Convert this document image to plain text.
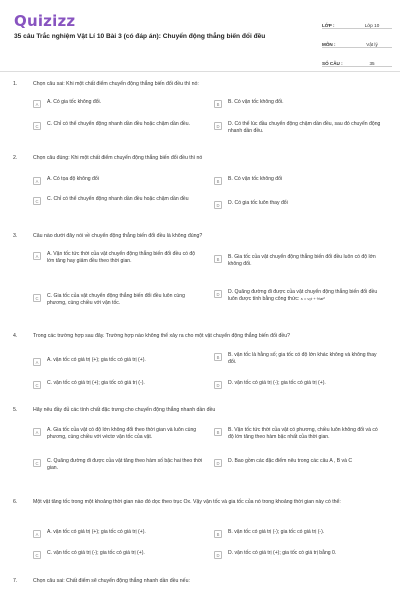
Quizizz
35 câu Trắc nghiệm Vật Lí 10 Bài 3 (có đáp án): Chuyển động thẳng biến đổi đều
LỚP :	Lớp 10
MÔN :	Vật lý
SỐ CÂU :	35
1.	Chọn câu sai: Khi một chất điểm chuyển động thẳng biến đổi đều thì nó:
A	A. Có gia tốc không đổi.	B	B. Có vận tốc không đổi.
C	C. Chỉ có thể chuyển động nhanh dần đều hoặc chậm dần đều.	D	D. Có thể lúc đầu chuyển động chậm dần đều, sau đó chuyển động nhanh dần đều.
2.	Chọn câu đúng: Khi một chất điểm chuyển động thẳng biến đổi đều thì nó
A	A. Có tọa độ không đổi	B	B. Có vận tốc không đổi
C	C. Chỉ có thể chuyển động nhanh dần đều hoặc chậm dần đều
D	D. Có gia tốc luôn thay đổi
3.	Câu nào dưới đây nói về chuyển động thẳng biến đổi đều là không đúng?
A	A. Vận tốc tức thời của vật chuyển động thẳng biến đổi đều có độ lớn tăng hay giảm đều theo thời gian.	B	B. Gia tốc của vật chuyển động thẳng biến đổi đều luôn có độ lớn không đổi.
C	C. Gia tốc của vật chuyển động thẳng biến đổi đều luôn cùng phương, cùng chiều với vận tốc.
D	D. Quãng đường đi được của vật chuyển động thẳng biến đổi đều luôn được tính bằng công thức: s = v₀t + ½at²
4.	Trong các trường hợp sau đây. Trường hợp nào không thể xảy ra cho một vật chuyển động thẳng biến đổi đều?
A	A. vận tốc có giá trị (+); gia tốc có giá trị (+).	B	B. vận tốc là hằng số; gia tốc có độ lớn khác không và không thay đổi.
C	C. vận tốc có giá trị (+); gia tốc có giá trị (-).	D	D. vận tốc có giá trị (-); gia tốc có giá trị (+).
5.	Hãy nêu đầy đủ các tính chất đặc trưng cho chuyển động thẳng nhanh dần đều
A	A. Gia tốc của vật có độ lớn không đổi theo thời gian và luôn cùng phương, cùng chiều với véctơ vận tốc của vật.
B	B. Vận tốc tức thời của vật có phương, chiều luôn không đổi và có độ lớn tăng theo hàm bậc nhất của thời gian.
C	C. Quãng đường đi được của vật tăng theo hàm số bậc hai theo thời gian.
D	D. Bao gồm các đặc điểm nêu trong các câu A , B và C
6.	Một vật tăng tốc trong một khoảng thời gian nào đó dọc theo trục Ox. Vậy vận tốc và gia tốc của nó trong khoảng thời gian này có thể:
A	A. vận tốc có giá trị (+); gia tốc có giá trị (+).	B	B. vận tốc có giá trị (-); gia tốc có giá trị (-).
C	C. vận tốc có giá trị (-); gia tốc có giá trị (+).	D	D. vận tốc có giá trị (+); gia tốc có giá trị bằng 0.
7.	Chọn câu sai: Chất điểm sẽ chuyển động thẳng nhanh dần đều nếu:
